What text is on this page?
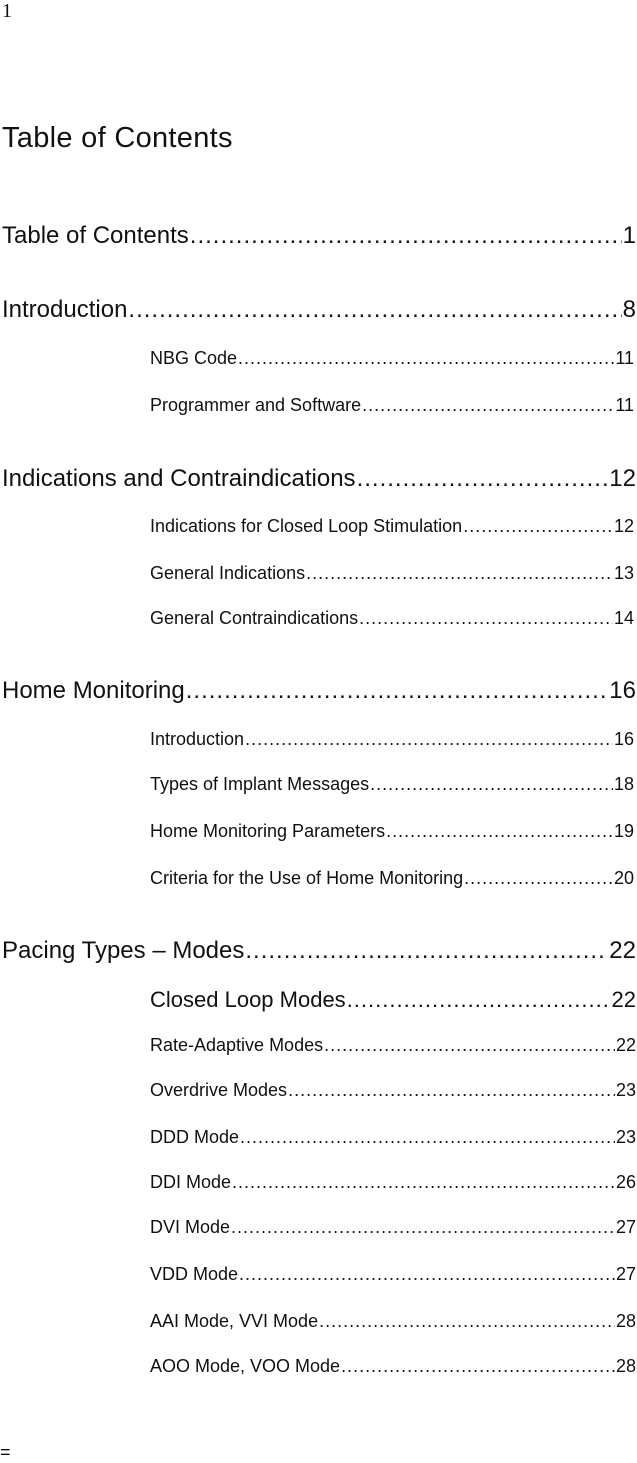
1
Table of Contents
Table of Contents .....	1
Introduction .....	8
NBG Code .....	11
Programmer and Software .....	11
Indications and Contraindications .....	12
Indications for Closed Loop Stimulation .....	12
General Indications .....	13
General Contraindications .....	14
Home Monitoring .....	16
Introduction .....	16
Types of Implant Messages .....	18
Home Monitoring Parameters .....	19
Criteria for the Use of Home Monitoring .....	20
Pacing Types – Modes .....	22
Closed Loop Modes .....	22
Rate-Adaptive Modes .....	22
Overdrive Modes .....	23
DDD Mode .....	23
DDI Mode .....	26
DVI Mode .....	27
VDD Mode .....	27
AAI Mode, VVI Mode .....	28
AOO Mode, VOO Mode .....	28
=
